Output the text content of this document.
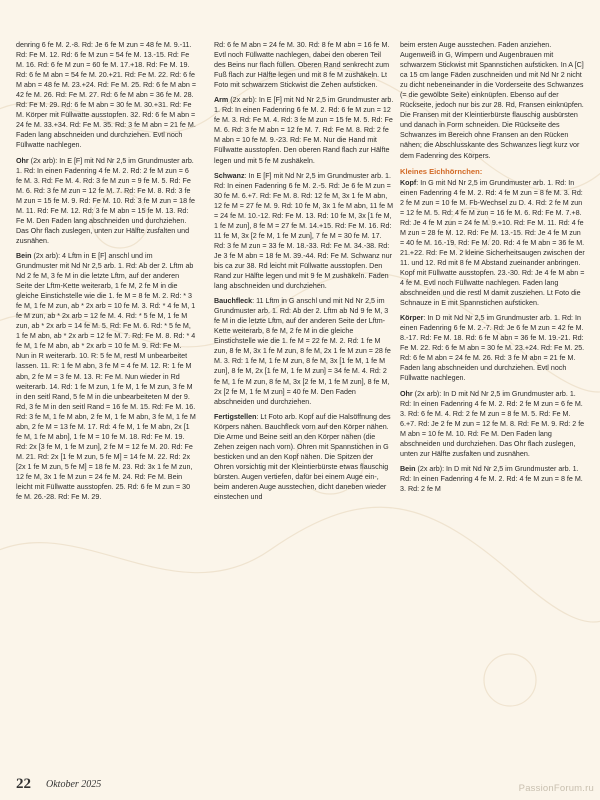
denring 6 fe M. 2.-8. Rd: Je 6 fe M zun = 48 fe M. 9.-11. Rd: Fe M. 12. Rd: 6 fe M zun = 54 fe M. 13.-15. Rd: Fe M. 16. Rd: 6 fe M zun = 60 fe M. 17.+18. Rd: Fe M. 19. Rd: 6 fe M abn = 54 fe M. 20.+21. Rd: Fe M. 22. Rd: 6 fe M abn = 48 fe M. 23.+24. Rd: Fe M. 25. Rd: 6 fe M abn = 42 fe M. 26. Rd: Fe M. 27. Rd: 6 fe M abn = 36 fe M. 28. Rd: Fe M. 29. Rd: 6 fe M abn = 30 fe M. 30.+31. Rd: Fe M. Körper mit Füllwatte ausstopfen. 32. Rd: 6 fe M abn = 24 fe M. 33.+34. Rd: Fe M. 35. Rd: 3 fe M abn = 21 fe M. Faden lang abschneiden und durchziehen. Evtl noch Füllwatte nachlegen.

Ohr (2x arb): In E [F] mit Nd Nr 2,5 im Grundmuster arb. 1. Rd: In einen Fadenring 4 fe M. 2. Rd: 2 fe M zun = 6 fe M. 3. Rd: Fe M. 4. Rd: 3 fe M zun = 9 fe M. 5. Rd: Fe M. 6. Rd: 3 fe M zun = 12 fe M. 7. Rd: Fe M. 8. Rd: 3 fe M zun = 15 fe M. 9. Rd: Fe M. 10. Rd: 3 fe M zun = 18 fe M. 11. Rd: Fe M. 12. Rd: 3 fe M abn = 15 fe M. 13. Rd: Fe M. Den Faden lang abschneiden und durchziehen. Das Ohr flach zuslegen, unten zur Hälfte zusfalten und zusnähen.

Bein (2x arb): 4 Lftm in E [F] anschl und im Grundmuster mit Nd Nr 2,5 arb. 1. Rd: Ab der 2. Lftm ab Nd 2 fe M, 3 fe M in die letzte Lftm, auf der anderen Seite der Lftm-Kette weiterarb, 1 fe M, 2 fe M in die gleiche Einstichstelle wie die 1. fe M = 8 fe M. 2. Rd: * 3 fe M, 1 fe M zun, ab * 2x arb = 10 fe M. 3. Rd: * 4 fe M, 1 fe M zun, ab * 2x arb = 12 fe M. 4. Rd: * 5 fe M, 1 fe M zun, ab * 2x arb = 14 fe M. 5. Rd: Fe M. 6. Rd: * 5 fe M, 1 fe M abn, ab * 2x arb = 12 fe M. 7. Rd: Fe M. 8. Rd: * 4 fe M, 1 fe M abn, ab * 2x arb = 10 fe M. 9. Rd: Fe M. Nun in R weiterarb. 10. R: 5 fe M, restl M unbearbeitet lassen. 11. R: 1 fe M abn, 3 fe M = 4 fe M. 12. R: 1 fe M abn, 2 fe M = 3 fe M. 13. R: Fe M. Nun wieder in Rd weiterarb. 14. Rd: 1 fe M zun, 1 fe M, 1 fe M zun, 3 fe M in den seitl Rand, 5 fe M in die unbearbeiteten M der 9. Rd, 3 fe M in den seitl Rand = 16 fe M. 15. Rd: Fe M. 16. Rd: 3 fe M, 1 fe M abn, 2 fe M, 1 fe M abn, 3 fe M, 1 fe M abn, 2 fe M = 13 fe M. 17. Rd: 4 fe M, 1 fe M abn, 2x [1 fe M, 1 fe M abn], 1 fe M = 10 fe M. 18. Rd: Fe M. 19. Rd: 2x [3 fe M, 1 fe M zun], 2 fe M = 12 fe M. 20. Rd: Fe M. 21. Rd: 2x [1 fe M zun, 5 fe M] = 14 fe M. 22. Rd: 2x [2x 1 fe M zun, 5 fe M] = 18 fe M. 23. Rd: 3x 1 fe M zun, 12 fe M, 3x 1 fe M zun = 24 fe M. 24. Rd: Fe M. Bein leicht mit Füllwatte ausstopfen. 25. Rd: 6 fe M zun = 30 fe M. 26.-28. Rd: Fe M. 29.

Rd: 6 fe M abn = 24 fe M. 30. Rd: 8 fe M abn = 16 fe M. Evtl noch Füllwatte nachlegen, dabei den oberen Teil des Beins nur flach füllen. Oberen Rand senkrecht zum Fuß flach zur Hälfte legen und mit 8 fe M zushäkeln. Lt Foto mit schwarzem Stickwist die Zehen aufsticken.

Arm (2x arb): In E [F] mit Nd Nr 2,5 im Grundmuster arb. 1. Rd: In einen Fadenring 6 fe M. 2. Rd: 6 fe M zun = 12 fe M. 3. Rd: Fe M. 4. Rd: 3 fe M zun = 15 fe M. 5. Rd: Fe M. 6. Rd: 3 fe M abn = 12 fe M. 7. Rd: Fe M. 8. Rd: 2 fe M abn = 10 fe M. 9.-23. Rd: Fe M. Nur die Hand mit Füllwatte ausstopfen. Den oberen Rand flach zur Hälfte legen und mit 5 fe M zushäkeln.

Schwanz: In E [F] mit Nd Nr 2,5 im Grundmuster arb. 1. Rd: In einen Fadenring 6 fe M. 2.-5. Rd: Je 6 fe M zun = 30 fe M. 6.+7. Rd: Fe M. 8. Rd: 12 fe M, 3x 1 fe M abn, 12 fe M = 27 fe M. 9. Rd: 10 fe M, 3x 1 fe M abn, 11 fe M = 24 fe M. 10.-12. Rd: Fe M. 13. Rd: 10 fe M, 3x [1 fe M, 1 fe M zun], 8 fe M = 27 fe M. 14.+15. Rd: Fe M. 16. Rd: 11 fe M, 3x [2 fe M, 1 fe M zun], 7 fe M = 30 fe M. 17. Rd: 3 fe M zun = 33 fe M. 18.-33. Rd: Fe M. 34.-38. Rd: Je 3 fe M abn = 18 fe M. 39.-44. Rd: Fe M. Schwanz nur bis ca zur 38. Rd leicht mit Füllwatte ausstopfen. Den Rand zur Hälfte legen und mit 9 fe M zushäkeln. Faden lang abschneiden und durchziehen.

Bauchfleck: 11 Lftm in G anschl und mit Nd Nr 2,5 im Grundmuster arb. 1. Rd: Ab der 2. Lftm ab Nd 9 fe M, 3 fe M in die letzte Lftm, auf der anderen Seite der Lftm-Kette weiterarb, 8 fe M, 2 fe M in die gleiche Einstichstelle wie die 1. fe M = 22 fe M. 2. Rd: 1 fe M zun, 8 fe M, 3x 1 fe M zun, 8 fe M, 2x 1 fe M zun = 28 fe M. 3. Rd: 1 fe M, 1 fe M zun, 8 fe M, 3x [1 fe M, 1 fe M zun], 8 fe M, 2x [1 fe M, 1 fe M zun] = 34 fe M. 4. Rd: 2 fe M, 1 fe M zun, 8 fe M, 3x [2 fe M, 1 fe M zun], 8 fe M, 2x [2 fe M, 1 fe M zun] = 40 fe M. Den Faden abschneiden und durchziehen.

Fertigstellen: Lt Foto arb. Kopf auf die Halsöffnung des Körpers nähen. Bauchfleck vorn auf den Körper nähen. Die Arme und Beine seitl an den Körper nähen (die Zehen zeigen nach vorn). Ohren mit Spannstichen in G besticken und an den Kopf nähen. Die Spitzen der Ohren vorsichtig mit der Kleintierbürste etwas flauschig bürsten. Augen vertiefen, dafür bei einem Auge ein-, beim anderen Auge ausstechen, dicht daneben wieder einstechen und

beim ersten Auge ausstechen. Faden anziehen. Augenweiß in G, Wimpern und Augenbrauen mit schwarzem Stickwist mit Spannstichen aufsticken. In A [C] ca 15 cm lange Fäden zuschneiden und mit Nd Nr 2 nicht zu dicht nebeneinander in die Vorderseite des Schwanzes (= die gewölbte Seite) einknüpfen. Ebenso auf der Rückseite, jedoch nur bis zur 28. Rd, Fransen einknüpfen. Die Fransen mit der Kleintierbürste flauschig ausbürsten und danach in Form schneiden. Die Rückseite des Schwanzes im Bereich ohne Fransen an den Rücken nähen; die Abschlusskante des Schwanzes liegt kurz vor dem Fadenring des Körpers.

Kleines Eichhörnchen:

Kopf: In G mit Nd Nr 2,5 im Grundmuster arb. 1. Rd: In einen Fadenring 4 fe M. 2. Rd: 4 fe M zun = 8 fe M. 3. Rd: 2 fe M zun = 10 fe M. Fb-Wechsel zu D. 4. Rd: 2 fe M zun = 12 fe M. 5. Rd: 4 fe M zun = 16 fe M. 6. Rd: Fe M. 7.+8. Rd: Je 4 fe M zun = 24 fe M. 9.+10. Rd: Fe M. 11. Rd: 4 fe M zun = 28 fe M. 12. Rd: Fe M. 13.-15. Rd: Je 4 fe M zun = 40 fe M. 16.-19. Rd: Fe M. 20. Rd: 4 fe M abn = 36 fe M. 21.+22. Rd: Fe M. 2 kleine Sicherheitsaugen zwischen der 11. und 12. Rd mit 8 fe M Abstand zueinander anbringen. Kopf mit Füllwatte ausstopfen. 23.-30. Rd: Je 4 fe M abn = 4 fe M. Evtl noch Füllwatte nachlegen. Faden lang abschneiden und die restl M damit zusziehen. Lt Foto die Schnauze in E mit Spannstichen aufsticken.

Körper: In D mit Nd Nr 2,5 im Grundmuster arb. 1. Rd: In einen Fadenring 6 fe M. 2.-7. Rd: Je 6 fe M zun = 42 fe M. 8.-17. Rd: Fe M. 18. Rd: 6 fe M abn = 36 fe M. 19.-21. Rd: Fe M. 22. Rd: 6 fe M abn = 30 fe M. 23.+24. Rd: Fe M. 25. Rd: 6 fe M abn = 24 fe M. 26. Rd: 3 fe M abn = 21 fe M. Faden lang abschneiden und durchziehen. Evtl noch Füllwatte nachlegen.

Ohr (2x arb): In D mit Nd Nr 2,5 im Grundmuster arb. 1. Rd: In einen Fadenring 4 fe M. 2. Rd: 2 fe M zun = 6 fe M. 3. Rd: 6 fe M. 4. Rd: 2 fe M zun = 8 fe M. 5. Rd: Fe M. 6.+7. Rd: Je 2 fe M zun = 12 fe M. 8. Rd: Fe M. 9. Rd: 2 fe M abn = 10 fe M. 10. Rd: Fe M. Den Faden lang abschneiden und durchziehen. Das Ohr flach zuslegen, unten zur Hälfte zusfalten und zusnähen.

Bein (2x arb): In D mit Nd Nr 2,5 im Grundmuster arb. 1. Rd: In einen Fadenring 4 fe M. 2. Rd: 4 fe M zun = 8 fe M. 3. Rd: 2 fe M

22 Oktober 2025	PassionForum.ru
